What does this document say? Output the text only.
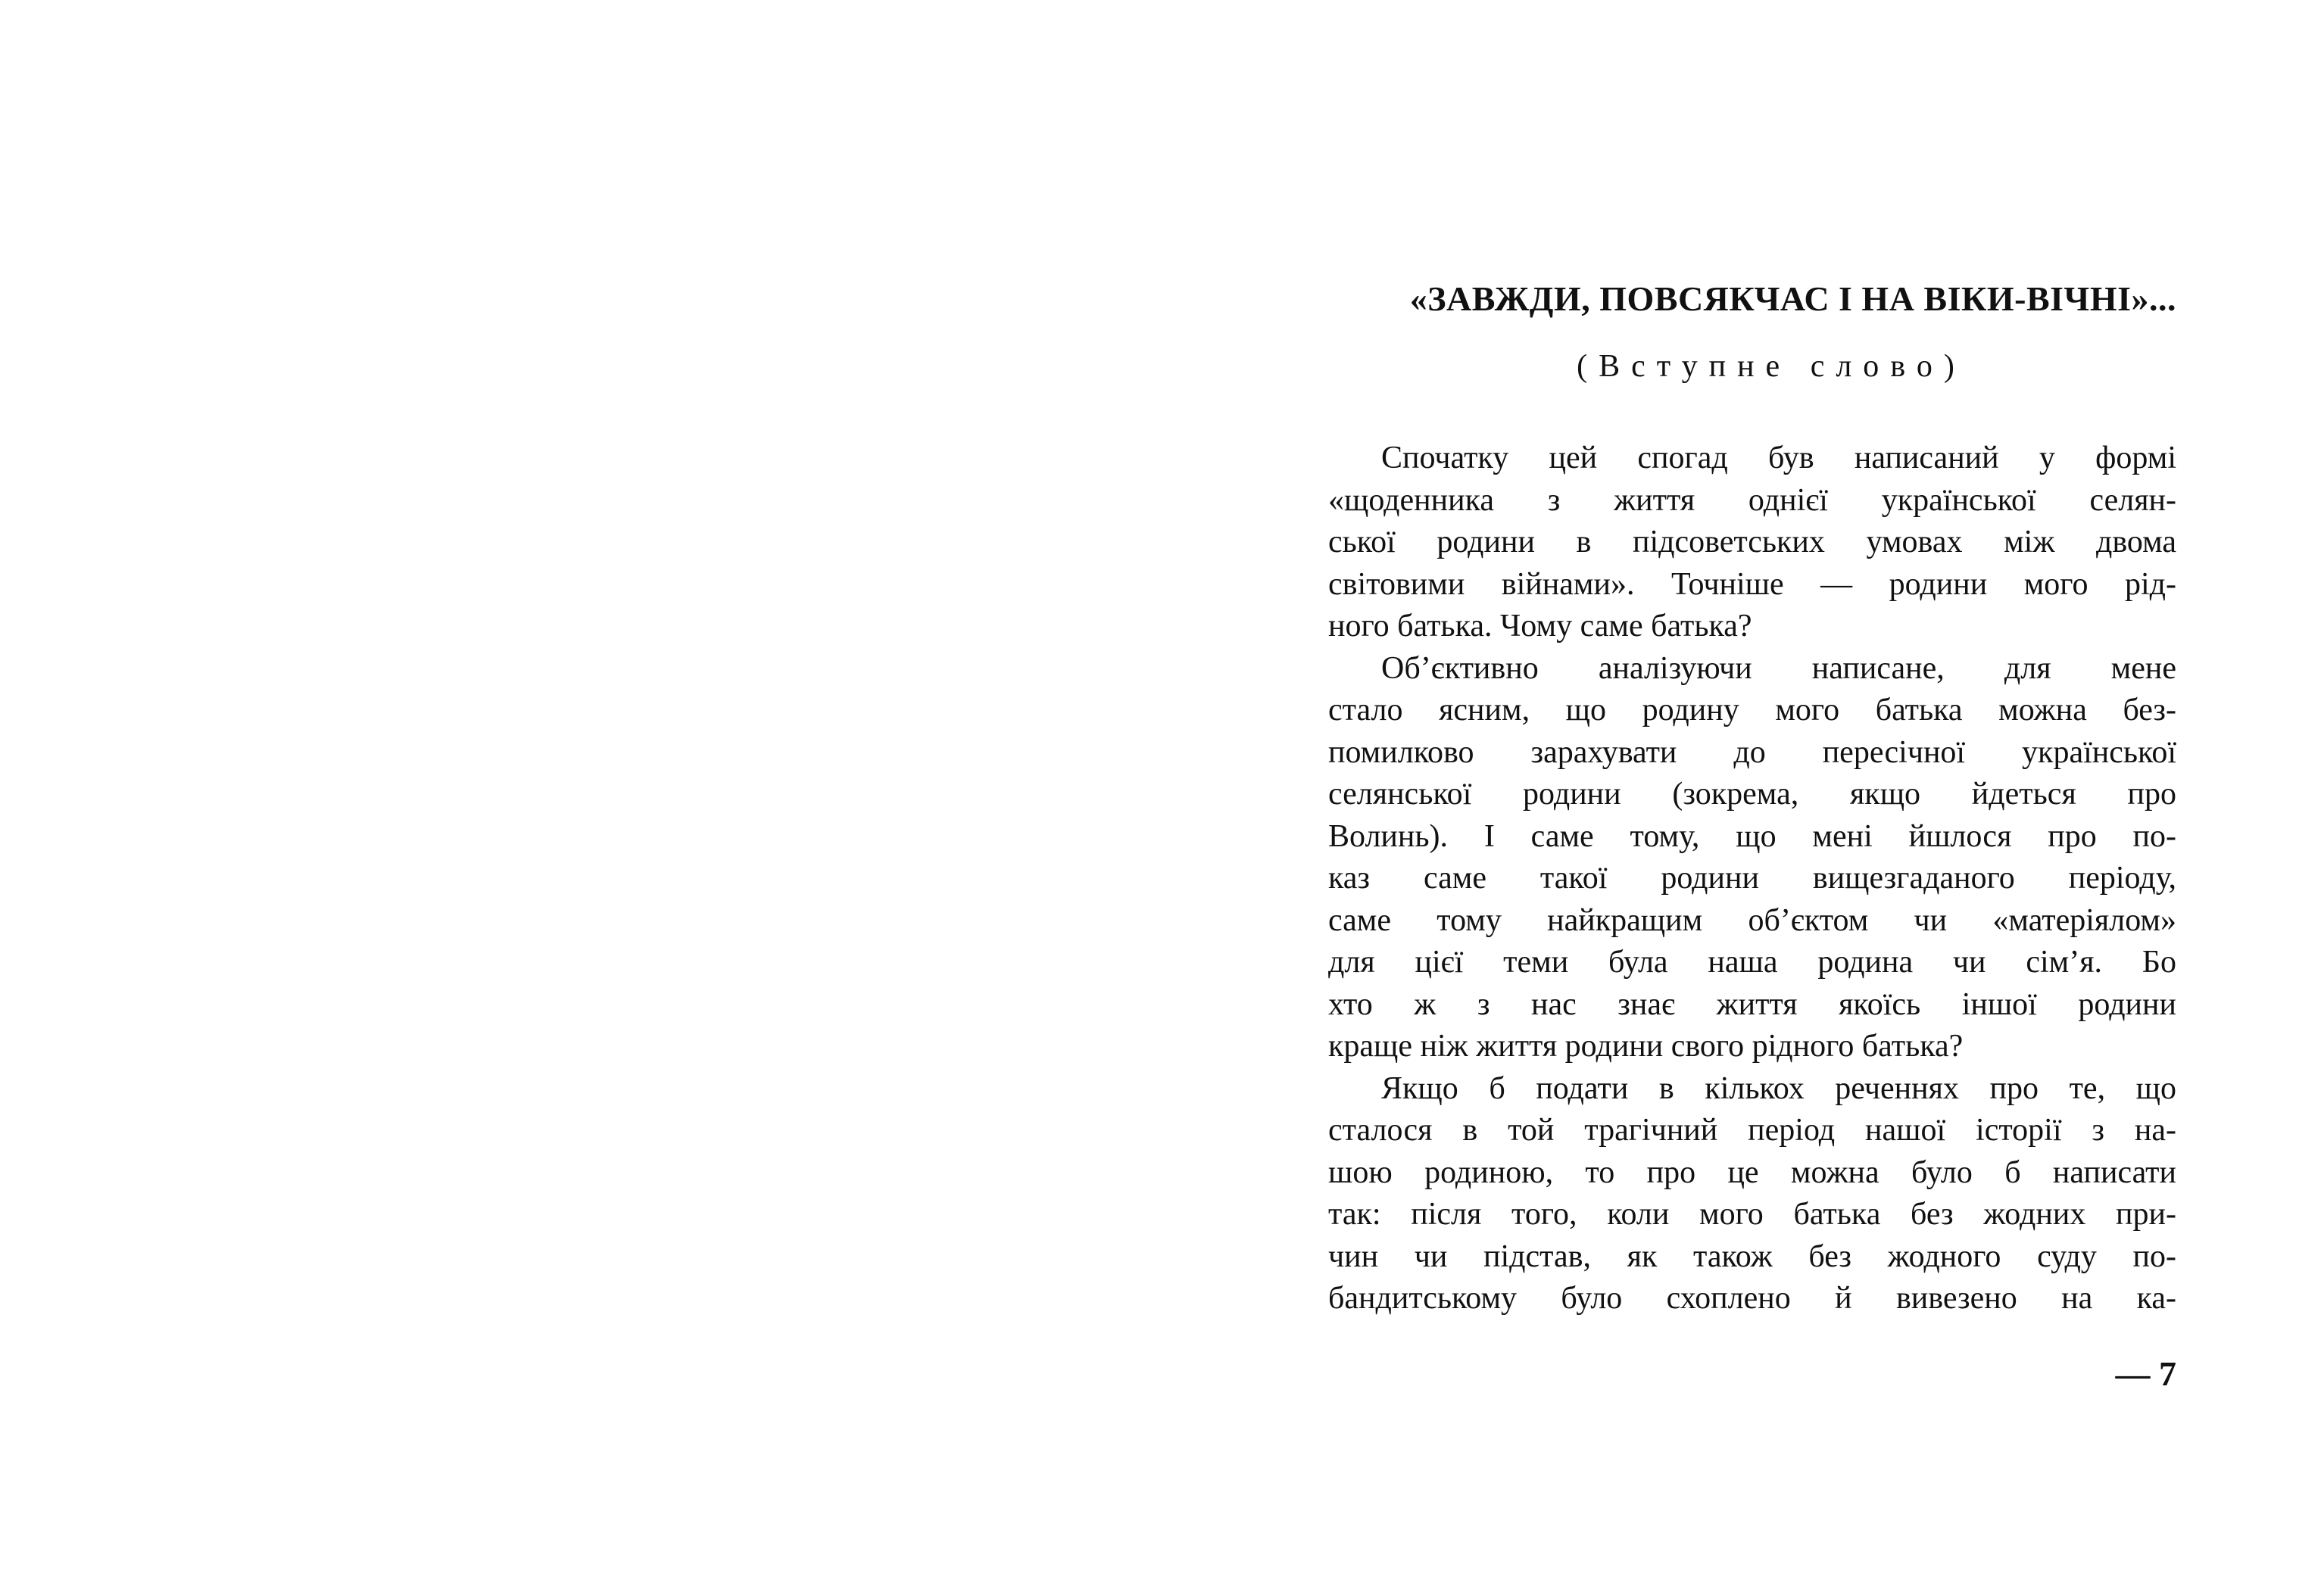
«ЗАВЖДИ, ПОВСЯКЧАС І НА ВІКИ-ВІЧНІ»...
(Вступне слово)
Спочатку цей спогад був написаний у формі
«щоденника з життя однієї української селян-
ської родини в підсоветських умовах між двома
світовими війнами». Точніше — родини мого рід-
ного батька. Чому саме батька?
Об’єктивно аналізуючи написане, для мене
стало ясним, що родину мого батька можна без-
помилково зарахувати до пересічної української
селянської родини (зокрема, якщо йдеться про
Волинь). І саме тому, що мені йшлося про по-
каз саме такої родини вищезгаданого періоду,
саме тому найкращим об’єктом чи «матеріялом»
для цієї теми була наша родина чи сім’я. Бо
хто ж з нас знає життя якоїсь іншої родини
краще ніж життя родини свого рідного батька?
Якщо б подати в кількох реченнях про те, що
сталося в той трагічний період нашої історії з на-
шою родиною, то про це можна було б написати
так: після того, коли мого батька без жодних при-
чин чи підстав, як також без жодного суду по-
бандитському було схоплено й вивезено на ка-
— 7
